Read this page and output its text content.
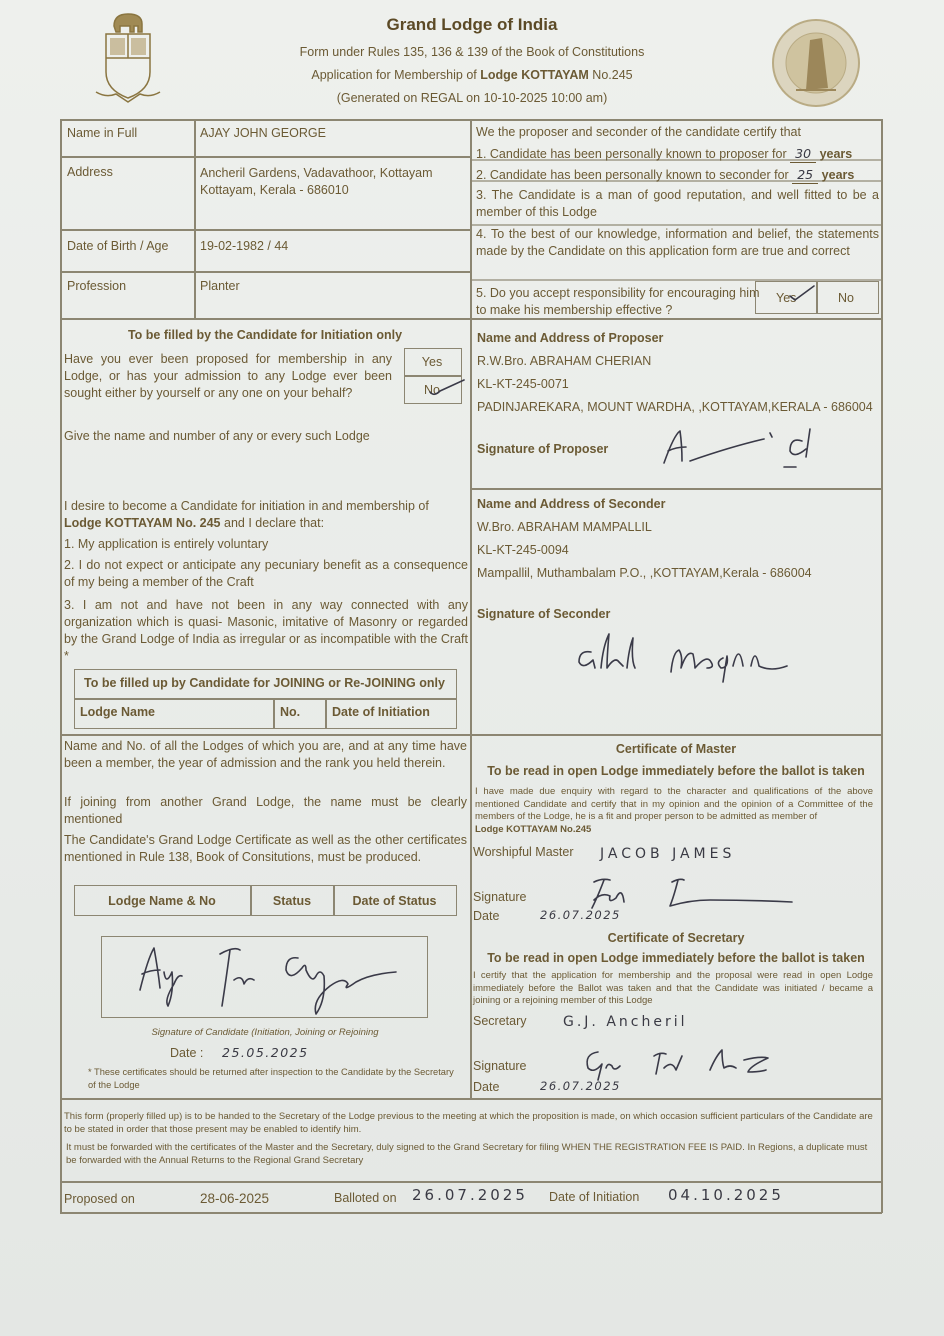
Grand Lodge of India
Form under Rules 135, 136 & 139 of the Book of Constitutions
Application for Membership of Lodge KOTTAYAM No.245
(Generated on REGAL on 10-10-2025 10:00 am)
Name in Full	AJAY JOHN GEORGE
Address	Ancheril Gardens, Vadavathoor, Kottayam
Kottayam, Kerala - 686010
Date of Birth / Age	19-02-1982 / 44
Profession	Planter
We the proposer and seconder of the candidate certify that
1. Candidate has been personally known to proposer for 30 years
2. Candidate has been personally known to seconder for 25 years
3. The Candidate is a man of good reputation, and well fitted to be a member of this Lodge
4. To the best of our knowledge, information and belief, the statements made by the Candidate on this application form are true and correct
5. Do you accept responsibility for encouraging him to make his membership effective ?
Yes	No
To be filled by the Candidate for Initiation only
Have you ever been proposed for membership in any Lodge, or has your admission to any Lodge ever been sought either by yourself or any one on your behalf?
Yes
No
Give the name and number of any or every such Lodge
Name and Address of Proposer
R.W.Bro. ABRAHAM CHERIAN
KL-KT-245-0071
PADINJAREKARA, MOUNT WARDHA, ,KOTTAYAM,KERALA - 686004
Signature of Proposer
I desire to become a Candidate for initiation in and membership of
Lodge KOTTAYAM No. 245 and I declare that:
1. My application is entirely voluntary
2. I do not expect or anticipate any pecuniary benefit as a consequence of my being a member of the Craft
3. I am not and have not been in any way connected with any organization which is quasi- Masonic, imitative of Masonry or regarded by the Grand Lodge of India as irregular or as incompatible with the Craft *
To be filled up by Candidate for JOINING or Re-JOINING only
Lodge Name	No.	Date of Initiation
Name and Address of Seconder
W.Bro. ABRAHAM MAMPALLIL
KL-KT-245-0094
Mampallil, Muthambalam P.O., ,KOTTAYAM,Kerala - 686004
Signature of Seconder
Name and No. of all the Lodges of which you are, and at any time have been a member, the year of admission and the rank you held therein.
If joining from another Grand Lodge, the name must be clearly mentioned
The Candidate's Grand Lodge Certificate as well as the other certificates mentioned in Rule 138, Book of Consitutions, must be produced.
Lodge Name & No	Status	Date of Status
Signature of Candidate (Initiation, Joining or Rejoining
Date : 25.05.2025
* These certificates should be returned after inspection to the Candidate by the Secretary of the Lodge
Certificate of Master
To be read in open Lodge immediately before the ballot is taken
I have made due enquiry with regard to the character and qualifications of the above mentioned Candidate and certify that in my opinion and the opinion of a Committee of the members of the Lodge, he is a fit and proper person to be admitted as member of
Lodge KOTTAYAM No.245
Worshipful Master JACOB JAMES
Signature
Date	26.07.2025
Certificate of Secretary
To be read in open Lodge immediately before the ballot is taken
I certify that the application for membership and the proposal were read in open Lodge immediately before the Ballot was taken and that the Candidate was initiated / became a joining or a rejoining member of this Lodge
Secretary	G.J. Ancheril
Signature
Date	26.07.2025
This form (properly filled up) is to be handed to the Secretary of the Lodge previous to the meeting at which the proposition is made, on which occasion sufficient particulars of the Candidate are to be stated in order that those present may be enabled to identify him.
It must be forwarded with the certificates of the Master and the Secretary, duly signed to the Grand Secretary for filing WHEN THE REGISTRATION FEE IS PAID. In Regions, a duplicate must be forwarded with the Annual Returns to the Regional Grand Secretary
Proposed on	28-06-2025	Balloted on 26.07.2025 Date of Initiation 04.10.2025
